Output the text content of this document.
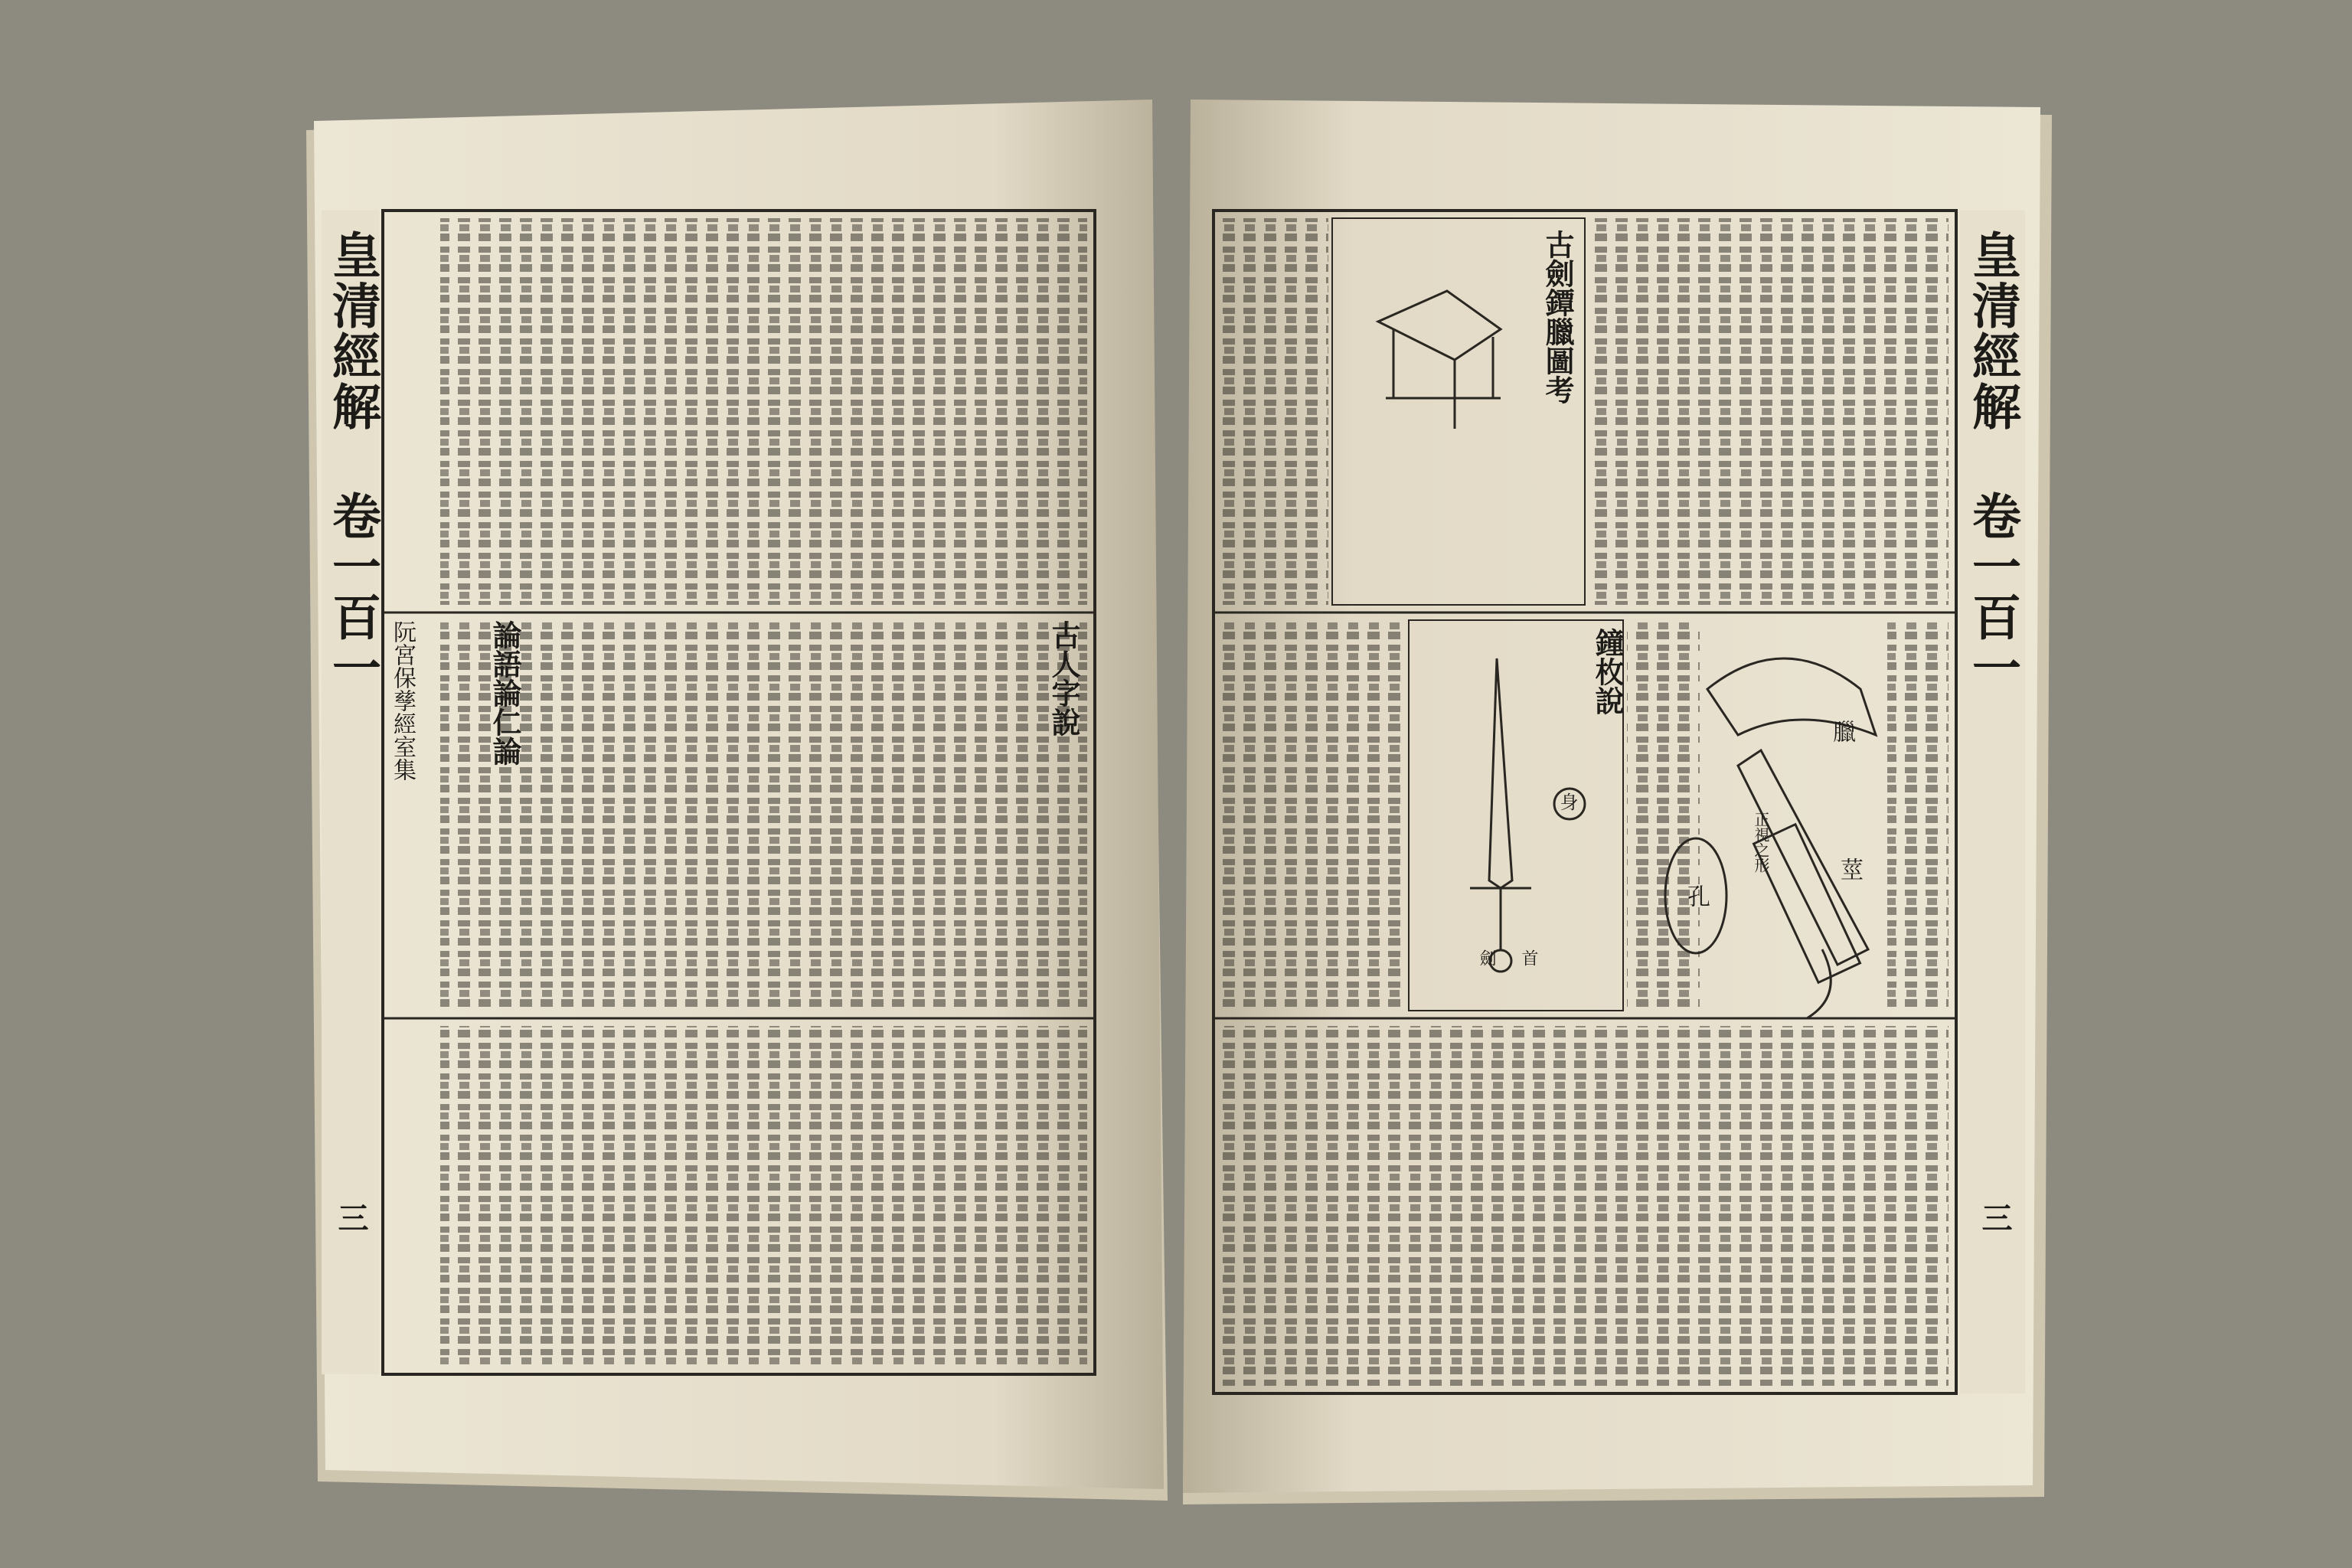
皇清經解 卷一百一	皇清經解 卷一百一
古人字說
論語論仁論
阮宮保孳經室集
古劍鐔臘圖考
鐘枚說
臘
莖
孔
正視之形
身
首
劍
三	三
